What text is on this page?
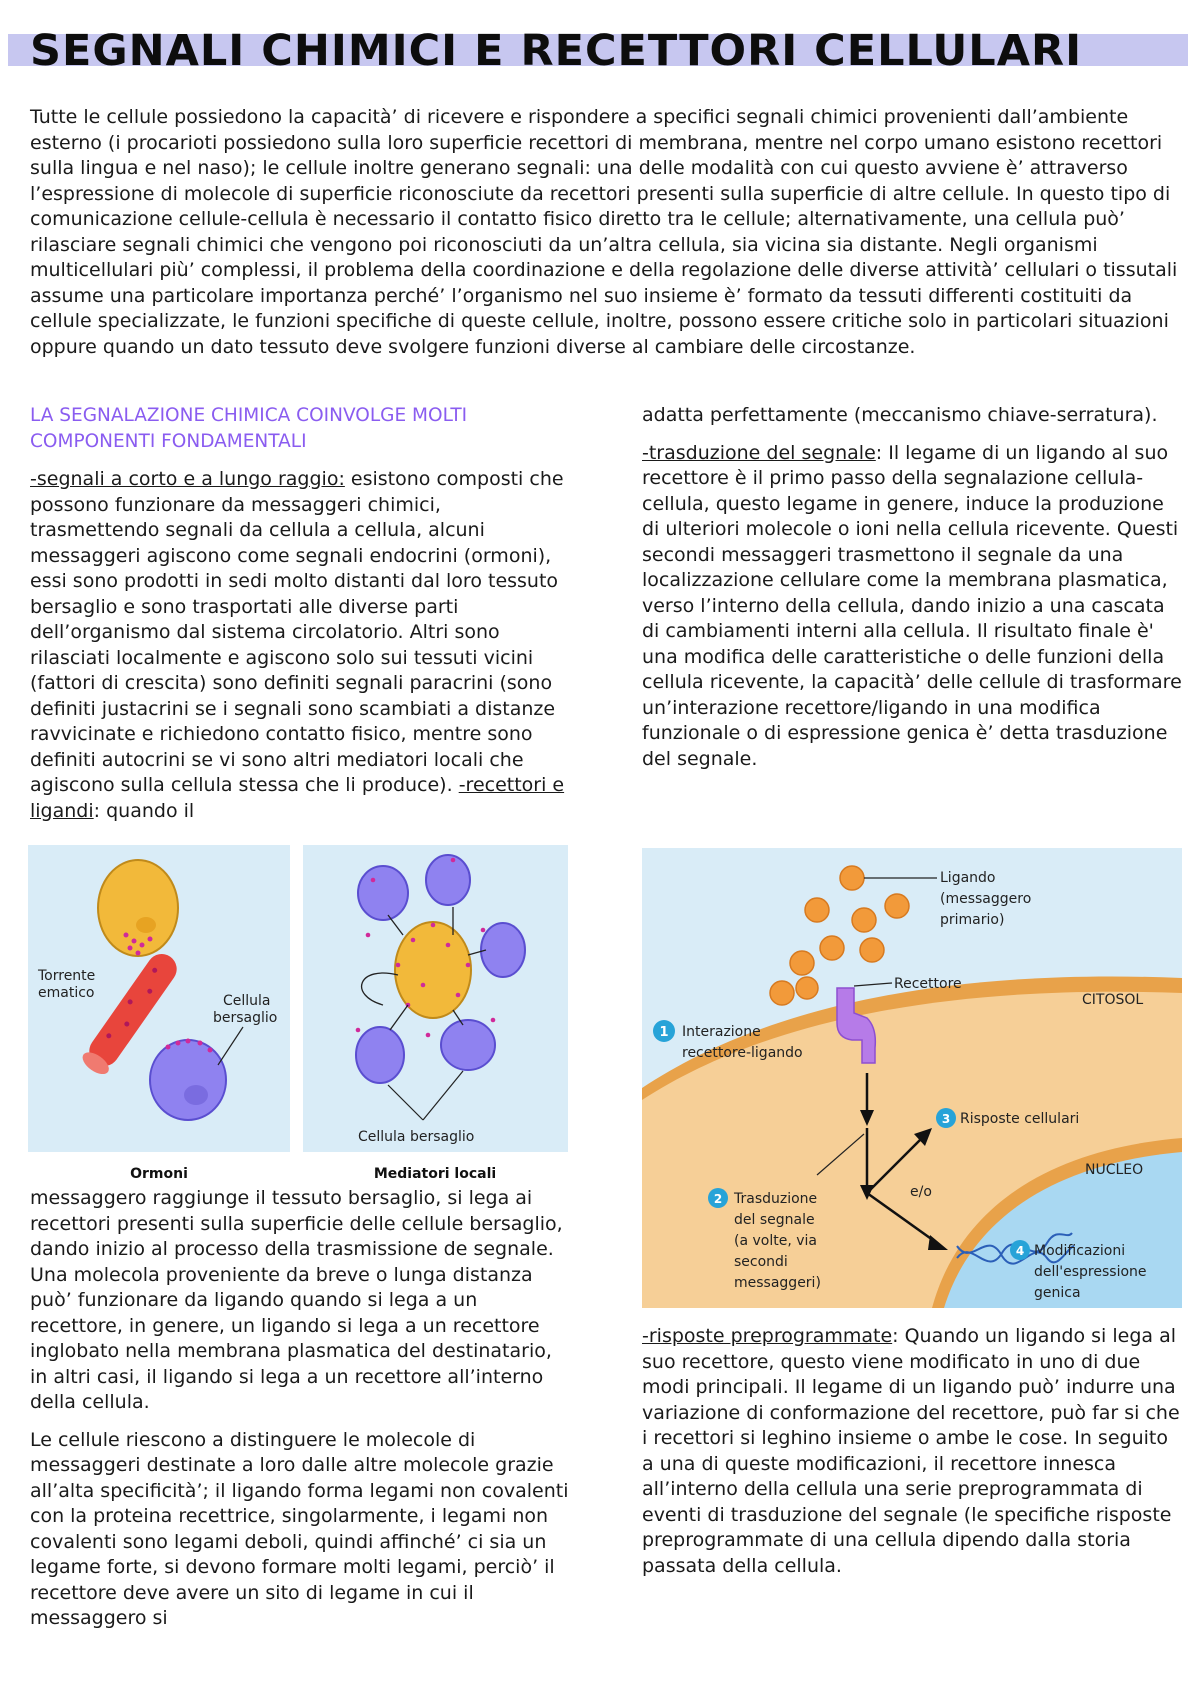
SEGNALI CHIMICI E RECETTORI CELLULARI

Tutte le cellule possiedono la capacità’ di ricevere e rispondere a specifici segnali chimici provenienti dall’ambiente esterno (i procarioti possiedono sulla loro superficie recettori di membrana, mentre nel corpo umano esistono recettori sulla lingua e nel naso); le cellule inoltre generano segnali: una delle modalità con cui questo avviene è’ attraverso l’espressione di molecole di superficie riconosciute da recettori presenti sulla superficie di altre cellule. In questo tipo di comunicazione cellule-cellula è necessario il contatto fisico diretto tra le cellule; alternativamente, una cellula può’ rilasciare segnali chimici che vengono poi riconosciuti da un’altra cellula, sia vicina sia distante. Negli organismi multicellulari più’ complessi, il problema della coordinazione e della regolazione delle diverse attività’ cellulari o tissutali assume una particolare importanza perché’ l’organismo nel suo insieme è’ formato da tessuti differenti costituiti da cellule specializzate, le funzioni specifiche di queste cellule, inoltre, possono essere critiche solo in particolari situazioni oppure quando un dato tessuto deve svolgere funzioni diverse al cambiare delle circostanze.

LA SEGNALAZIONE CHIMICA COINVOLGE MOLTI COMPONENTI FONDAMENTALI

-segnali a corto e a lungo raggio: esistono composti che possono funzionare da messaggeri chimici, trasmettendo segnali da cellula a cellula, alcuni messaggeri agiscono come segnali endocrini (ormoni), essi sono prodotti in sedi molto distanti dal loro tessuto bersaglio e sono trasportati alle diverse parti dell’organismo dal sistema circolatorio. Altri sono rilasciati localmente e agiscono solo sui tessuti vicini (fattori di crescita) sono definiti segnali paracrini (sono definiti justacrini se i segnali sono scambiati a distanze ravvicinate e richiedono contatto fisico, mentre sono definiti autocrini se vi sono altri mediatori locali che agiscono sulla cellula stessa che li produce). -recettori e ligandi: quando il

Torrente
ematico	Cellula
bersaglio
Cellula bersaglio
Ormoni	Mediatori locali

messaggero raggiunge il tessuto bersaglio, si lega ai recettori presenti sulla superficie delle cellule bersaglio, dando inizio al processo della trasmissione de segnale. Una molecola proveniente da breve o lunga distanza può’ funzionare da ligando quando si lega a un recettore, in genere, un ligando si lega a un recettore inglobato nella membrana plasmatica del destinatario, in altri casi, il ligando si lega a un recettore all’interno della cellula.

Le cellule riescono a distinguere le molecole di messaggeri destinate a loro dalle altre molecole grazie all’alta specificità’; il ligando forma legami non covalenti con la proteina recettrice, singolarmente, i legami non covalenti sono legami deboli, quindi affinché’ ci sia un legame forte, si devono formare molti legami, perciò’ il recettore deve avere un sito di legame in cui il messaggero si

adatta perfettamente (meccanismo chiave-serratura).

-trasduzione del segnale: Il legame di un ligando al suo recettore è il primo passo della segnalazione cellula-cellula, questo legame in genere, induce la produzione di ulteriori molecole o ioni nella cellula ricevente. Questi secondi messaggeri trasmettono il segnale da una localizzazione cellulare come la membrana plasmatica, verso l’interno della cellula, dando inizio a una cascata di cambiamenti interni alla cellula. Il risultato finale è' una modifica delle caratteristiche o delle funzioni della cellula ricevente, la capacità’ delle cellule di trasformare un’interazione recettore/ligando in una modifica funzionale o di espressione genica è’ detta trasduzione del segnale.

Ligando
(messaggero
primario)
Recettore
CITOSOL
1 Interazione
recettore-ligando
3 Risposte cellulari
NUCLEO
e/o
2 Trasduzione
del segnale
(a volte, via
secondi
messaggeri)
4 Modificazioni
dell'espressione
genica

-risposte preprogrammate: Quando un ligando si lega al suo recettore, questo viene modificato in uno di due modi principali. Il legame di un ligando può’ indurre una variazione di conformazione del recettore, può far si che i recettori si leghino insieme o ambe le cose. In seguito a una di queste modificazioni, il recettore innesca all’interno della cellula una serie preprogrammata di eventi di trasduzione del segnale (le specifiche risposte preprogrammate di una cellula dipendo dalla storia passata della cellula.
